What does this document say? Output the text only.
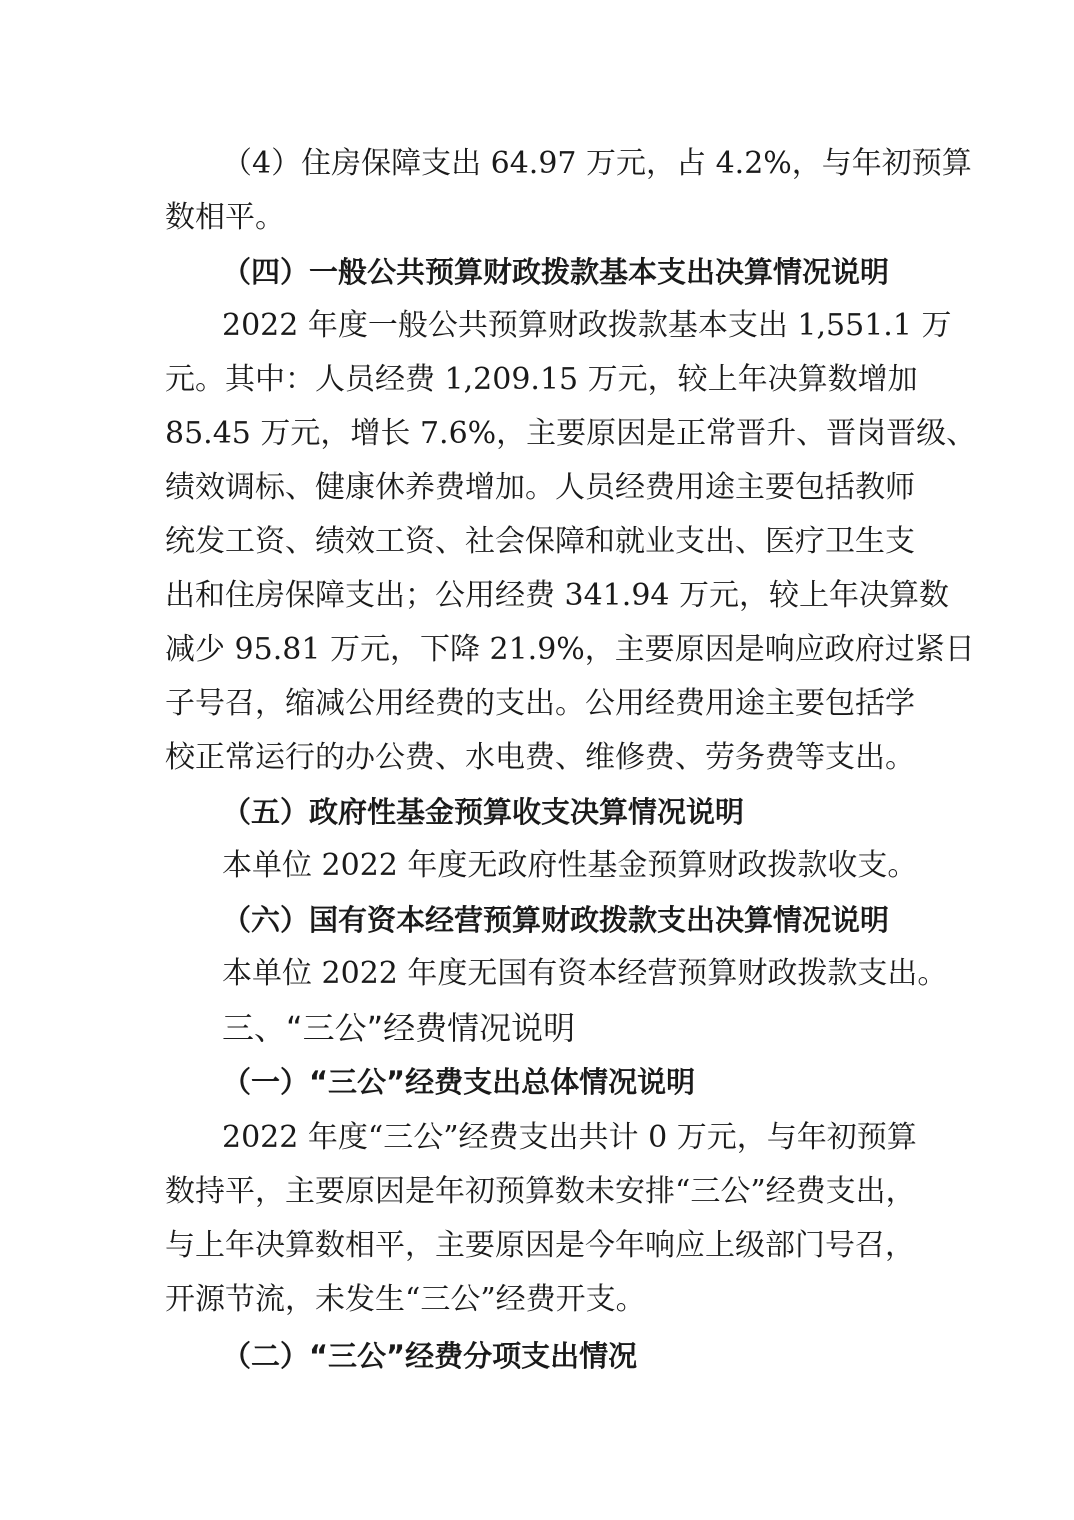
（4）住房保障支出 64.97 万元，占 4.2%，与年初预算
数相平。
（四）一般公共预算财政拨款基本支出决算情况说明
2022 年度一般公共预算财政拨款基本支出 1,551.1 万
元。其中：人员经费 1,209.15 万元，较上年决算数增加
85.45 万元，增长 7.6%，主要原因是正常晋升、晋岗晋级、
绩效调标、健康休养费增加。人员经费用途主要包括教师
统发工资、绩效工资、社会保障和就业支出、医疗卫生支
出和住房保障支出；公用经费 341.94 万元，较上年决算数
减少 95.81 万元，下降 21.9%，主要原因是响应政府过紧日
子号召，缩减公用经费的支出。公用经费用途主要包括学
校正常运行的办公费、水电费、维修费、劳务费等支出。
（五）政府性基金预算收支决算情况说明
本单位 2022 年度无政府性基金预算财政拨款收支。
（六）国有资本经营预算财政拨款支出决算情况说明
本单位 2022 年度无国有资本经营预算财政拨款支出。
三、“三公”经费情况说明
（一）“三公”经费支出总体情况说明
2022 年度“三公”经费支出共计 0 万元，与年初预算
数持平，主要原因是年初预算数未安排“三公”经费支出，
与上年决算数相平，主要原因是今年响应上级部门号召，
开源节流，未发生“三公”经费开支。
（二）“三公”经费分项支出情况
